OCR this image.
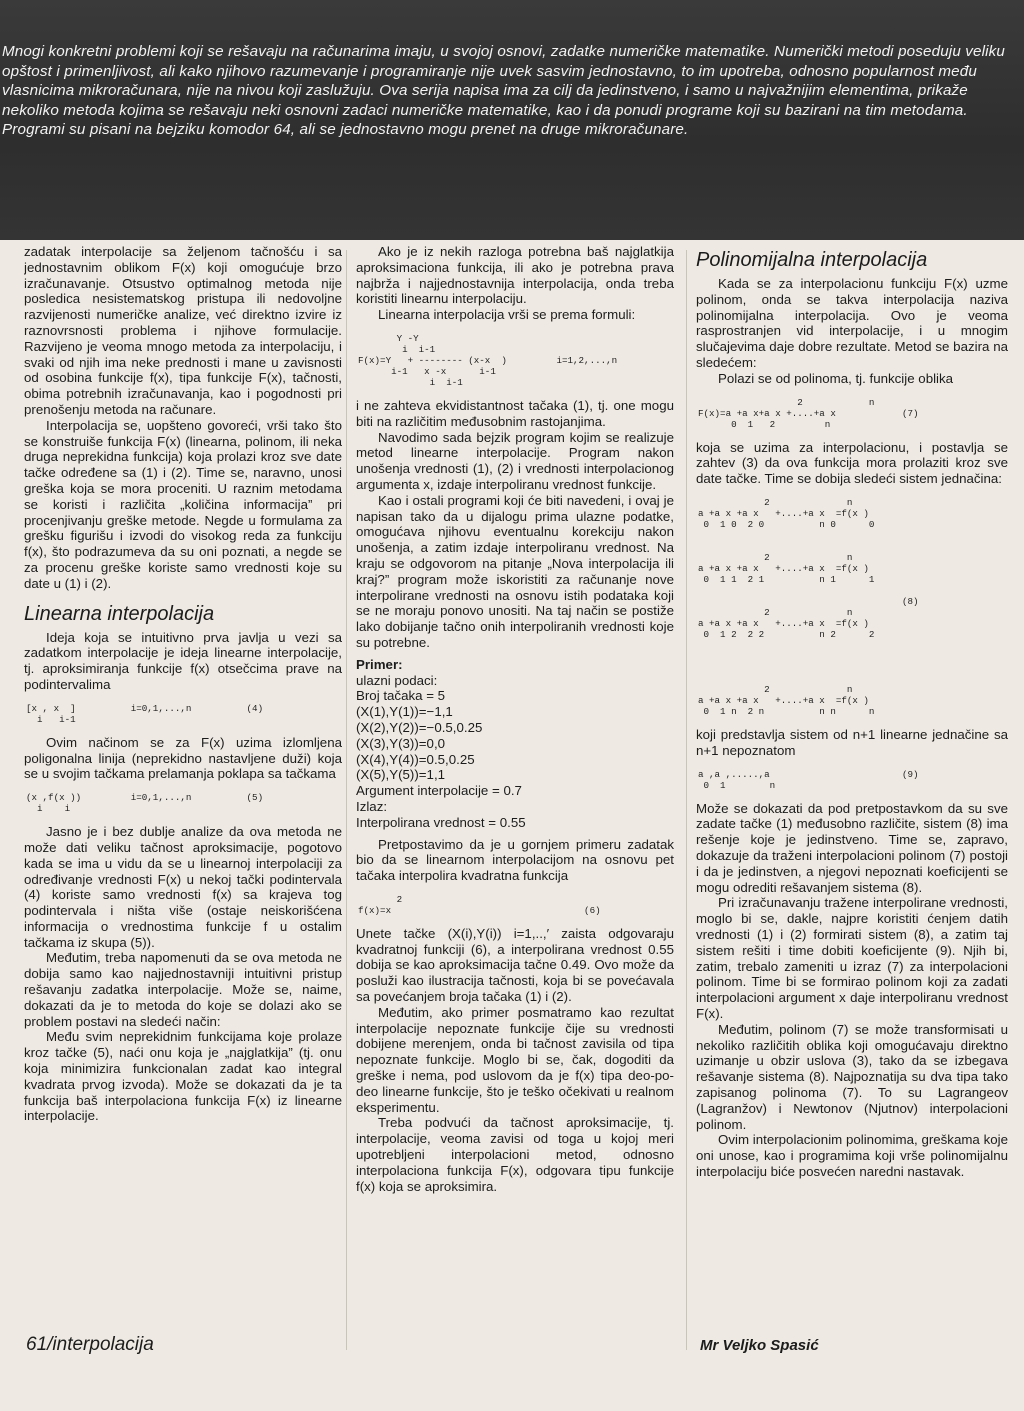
Mnogi konkretni problemi koji se rešavaju na računarima imaju, u svojoj osnovi, zadatke numeričke matematike. Numerički metodi poseduju veliku opštost i primenljivost, ali kako njihovo razumevanje i programiranje nije uvek sasvim jednostavno, to im upotreba, odnosno popularnost među vlasnicima mikroračunara, nije na nivou koji zaslužuju. Ova serija napisa ima za cilj da jedinstveno, i samo u najvažnijim elementima, prikaže nekoliko metoda kojima se rešavaju neki osnovni zadaci numeričke matematike, kao i da ponudi programe koji su bazirani na tim metodama. Programi su pisani na bejziku komodor 64, ali se jednostavno mogu prenet na druge mikroračunare.

zadatak interpolacije sa željenom tačnošću i sa jednostavnim oblikom F(x) koji omogućuje brzo izračunavanje. Otsustvo optimalnog metoda nije posledica nesistematskog pristupa ili nedovoljne razvijenosti numeričke analize, već direktno izvire iz raznovrsnosti problema i njihove formulacije. Razvijeno je veoma mnogo metoda za interpolaciju, i svaki od njih ima neke prednosti i mane u zavisnosti od osobina funkcije f(x), tipa funkcije F(x), tačnosti, obima potrebnih izračunavanja, kao i pogodnosti pri prenošenju metoda na računare.

Interpolacija se, uopšteno govoreći, vrši tako što se konstruiše funkcija F(x) (linearna, polinom, ili neka druga neprekidna funkcija) koja prolazi kroz sve date tačke određene sa (1) i (2). Time se, naravno, unosi greška koja se mora proceniti. U raznim metodama se koristi i različita „količina informacija” pri procenjivanju greške metode. Negde u formulama za grešku figurišu i izvodi do visokog reda za funkciju f(x), što podrazumeva da su oni poznati, a negde se za procenu greške koriste samo vrednosti koje su date u (1) i (2).

Linearna interpolacija

Ideja koja se intuitivno prva javlja u vezi sa zadatkom interpolacije je ideja linearne interpolacije, tj. aproksimiranja funkcije f(x) otsečcima prave na podintervalima

[x , x  ]          i=0,1,...,n          (4)
i   i-1

Ovim načinom se za F(x) uzima izlomljena poligonalna linija (neprekidno nastavljene duži) koja se u svojim tačkama prelamanja poklapa sa tačkama

(x ,f(x ))         i=0,1,...,n          (5)
i    i

Jasno je i bez dublje analize da ova metoda ne može dati veliku tačnost aproksimacije, pogotovo kada se ima u vidu da se u linearnoj interpolaciji za određivanje vrednosti F(x) u nekoj tački podintervala (4) koriste samo vrednosti f(x) sa krajeva tog podintervala i ništa više (ostaje neiskorišćena informacija o vrednostima funkcije f u ostalim tačkama iz skupa (5)).

Međutim, treba napomenuti da se ova metoda ne dobija samo kao najjednostavniji intuitivni pristup rešavanju zadatka interpolacije. Može se, naime, dokazati da je to metoda do koje se dolazi ako se problem postavi na sledeći način:

Među svim neprekidnim funkcijama koje prolaze kroz tačke (5), naći onu koja je „najglatkija” (tj. onu koja minimizira funkcionalan zadat kao integral kvadrata prvog izvoda). Može se dokazati da je ta funkcija baš interpolaciona funkcija F(x) iz linearne interpolacije.

Ako je iz nekih razloga potrebna baš najglatkija aproksimaciona funkcija, ili ako je potrebna prava najbrža i najjednostavnija interpolacija, onda treba koristiti linearnu interpolaciju.

Linearna interpolacija vrši se prema formuli:

Y -Y
i  i-1
F(x)=Y   + -------- (x-x  )         i=1,2,...,n
i-1   x -x      i-1
i  i-1

i ne zahteva ekvidistantnost tačaka (1), tj. one mogu biti na različitim međusobnim rastojanjima.

Navodimo sada bejzik program kojim se realizuje metod linearne interpolacije. Program nakon unošenja vrednosti (1), (2) i vrednosti interpolacionog argumenta x, izdaje interpoliranu vrednost funkcije.

Kao i ostali programi koji će biti navedeni, i ovaj je napisan tako da u dijalogu prima ulazne podatke, omogućava njihovu eventualnu korekciju nakon unošenja, a zatim izdaje interpoliranu vrednost. Na kraju se odgovorom na pitanje „Nova interpolacija ili kraj?” program može iskoristiti za računanje nove interpolirane vrednosti na osnovu istih podataka koji se ne moraju ponovo unositi. Na taj način se postiže lako dobijanje tačno onih interpoliranih vrednosti koje su potrebne.

Primer:
ulazni podaci:
Broj tačaka = 5
(X(1),Y(1))=−1,1
(X(2),Y(2))=−0.5,0.25
(X(3),Y(3))=0,0
(X(4),Y(4))=0.5,0.25
(X(5),Y(5))=1,1
Argument interpolacije = 0.7
Izlaz:
Interpolirana vrednost = 0.55

Pretpostavimo da je u gornjem primeru zadatak bio da se linearnom interpolacijom na osnovu pet tačaka interpolira kvadratna funkcija

2
f(x)=x                                   (6)

Unete tačke (X(i),Y(i)) i=1,..,′ zaista odgovaraju kvadratnoj funkciji (6), a interpolirana vrednost 0.55 dobija se kao aproksimacija tačne 0.49. Ovo može da posluži kao ilustracija tačnosti, koja bi se povećavala sa povećanjem broja tačaka (1) i (2).

Međutim, ako primer posmatramo kao rezultat interpolacije nepoznate funkcije čije su vrednosti dobijene merenjem, onda bi tačnost zavisila od tipa nepoznate funkcije. Moglo bi se, čak, dogoditi da greške i nema, pod uslovom da je f(x) tipa deo-po-deo linearne funkcije, što je teško očekivati u realnom eksperimentu.

Treba podvući da tačnost aproksimacije, tj. interpolacije, veoma zavisi od toga u kojoj meri upotrebljeni interpolacioni metod, odnosno interpolaciona funkcija F(x), odgovara tipu funkcije f(x) koja se aproksimira.

Polinomijalna interpolacija

Kada se za interpolacionu funkciju F(x) uzme polinom, onda se takva interpolacija naziva polinomijalna interpolacija. Ovo je veoma rasprostranjen vid interpolacije, i u mnogim slučajevima daje dobre rezultate. Metod se bazira na sledećem:

Polazi se od polinoma, tj. funkcije oblika

2            n
F(x)=a +a x+a x +....+a x            (7)
0  1   2         n

koja se uzima za interpolacionu, i postavlja se zahtev (3) da ova funkcija mora prolaziti kroz sve date tačke. Time se dobija sledeći sistem jednačina:

2              n
a +a x +a x   +....+a x  =f(x )
0  1 0  2 0          n 0      0

2              n
a +a x +a x   +....+a x  =f(x )
0  1 1  2 1          n 1      1

(8)
2              n
a +a x +a x   +....+a x  =f(x )
0  1 2  2 2          n 2      2

2              n
a +a x +a x   +....+a x  =f(x )
0  1 n  2 n          n n      n

koji predstavlja sistem od n+1 linearne jednačine sa n+1 nepoznatom

a ,a ,.....,a                        (9)
0  1        n

Može se dokazati da pod pretpostavkom da su sve zadate tačke (1) međusobno različite, sistem (8) ima rešenje koje je jedinstveno. Time se, zapravo, dokazuje da traženi interpolacioni polinom (7) postoji i da je jedinstven, a njegovi nepoznati koeficijenti se mogu odrediti rešavanjem sistema (8).

Pri izračunavanju tražene interpolirane vrednosti, moglo bi se, dakle, najpre koristiti ćenjem datih vrednosti (1) i (2) formirati sistem (8), a zatim taj sistem rešiti i time dobiti koeficijente (9). Njih bi, zatim, trebalo zameniti u izraz (7) za interpolacioni polinom. Time bi se formirao polinom koji za zadati interpolacioni argument x daje interpoliranu vrednost F(x).

Međutim, polinom (7) se može transformisati u nekoliko različitih oblika koji omogućavaju direktno uzimanje u obzir uslova (3), tako da se izbegava rešavanje sistema (8). Najpoznatija su dva tipa tako zapisanog polinoma (7). To su Lagrangeov (Lagranžov) i Newtonov (Njutnov) interpolacioni polinom.

Ovim interpolacionim polinomima, greškama koje oni unose, kao i programima koji vrše polinomijalnu interpolaciju biće posvećen naredni nastavak.

61/interpolacija	Mr Veljko Spasić
